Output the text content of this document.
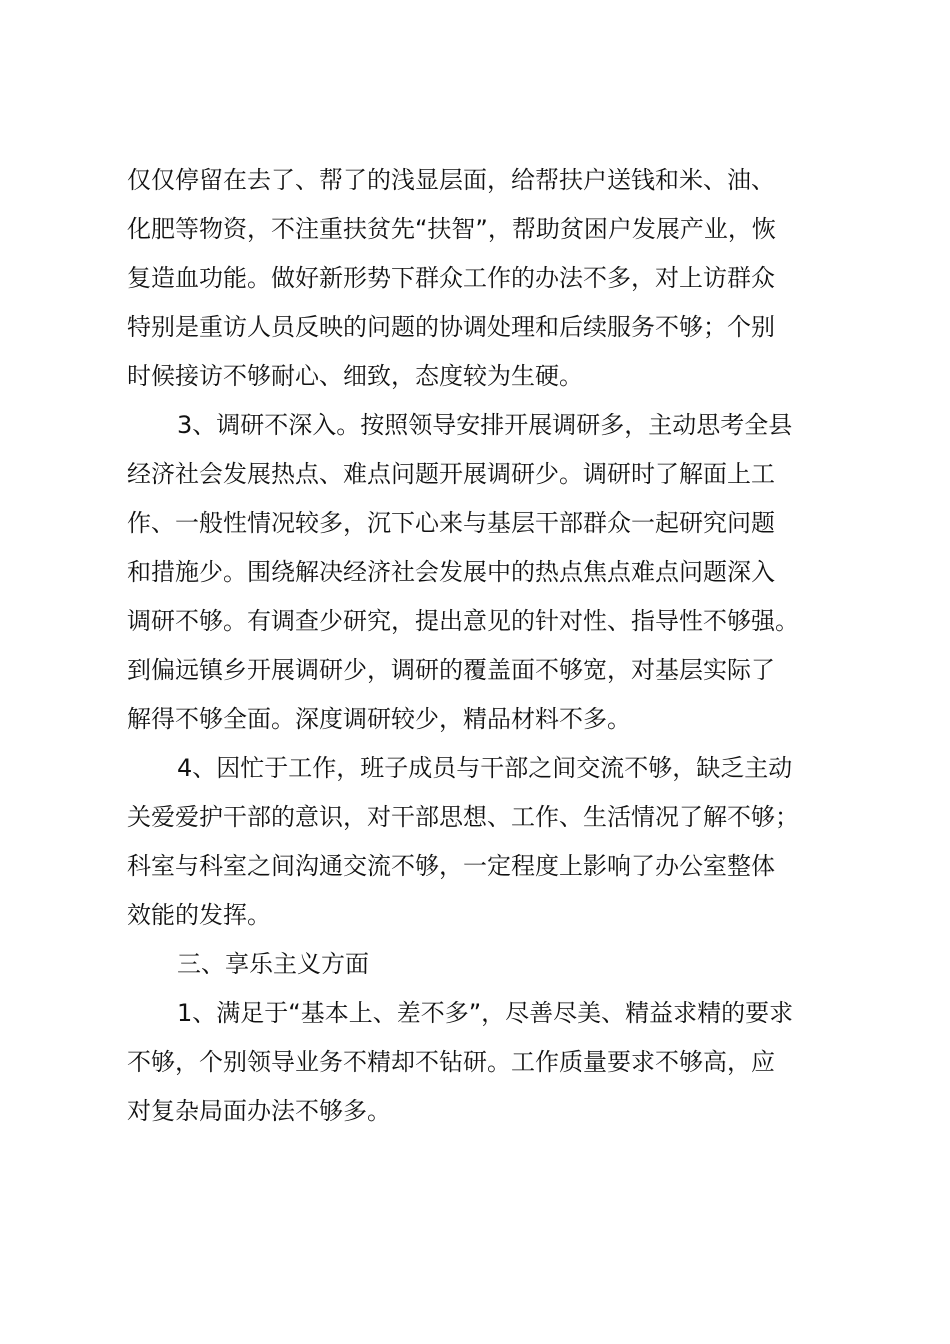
仅仅停留在去了、帮了的浅显层面，给帮扶户送钱和米、油、
化肥等物资，不注重扶贫先“扶智”，帮助贫困户发展产业，恢
复造血功能。做好新形势下群众工作的办法不多，对上访群众
特别是重访人员反映的问题的协调处理和后续服务不够；个别
时候接访不够耐心、细致，态度较为生硬。
3、调研不深入。按照领导安排开展调研多，主动思考全县
经济社会发展热点、难点问题开展调研少。调研时了解面上工
作、一般性情况较多，沉下心来与基层干部群众一起研究问题
和措施少。围绕解决经济社会发展中的热点焦点难点问题深入
调研不够。有调查少研究，提出意见的针对性、指导性不够强。
到偏远镇乡开展调研少，调研的覆盖面不够宽，对基层实际了
解得不够全面。深度调研较少，精品材料不多。
4、因忙于工作，班子成员与干部之间交流不够，缺乏主动
关爱爱护干部的意识，对干部思想、工作、生活情况了解不够；
科室与科室之间沟通交流不够，一定程度上影响了办公室整体
效能的发挥。
三、享乐主义方面
1、满足于“基本上、差不多”，尽善尽美、精益求精的要求
不够，个别领导业务不精却不钻研。工作质量要求不够高，应
对复杂局面办法不够多。
